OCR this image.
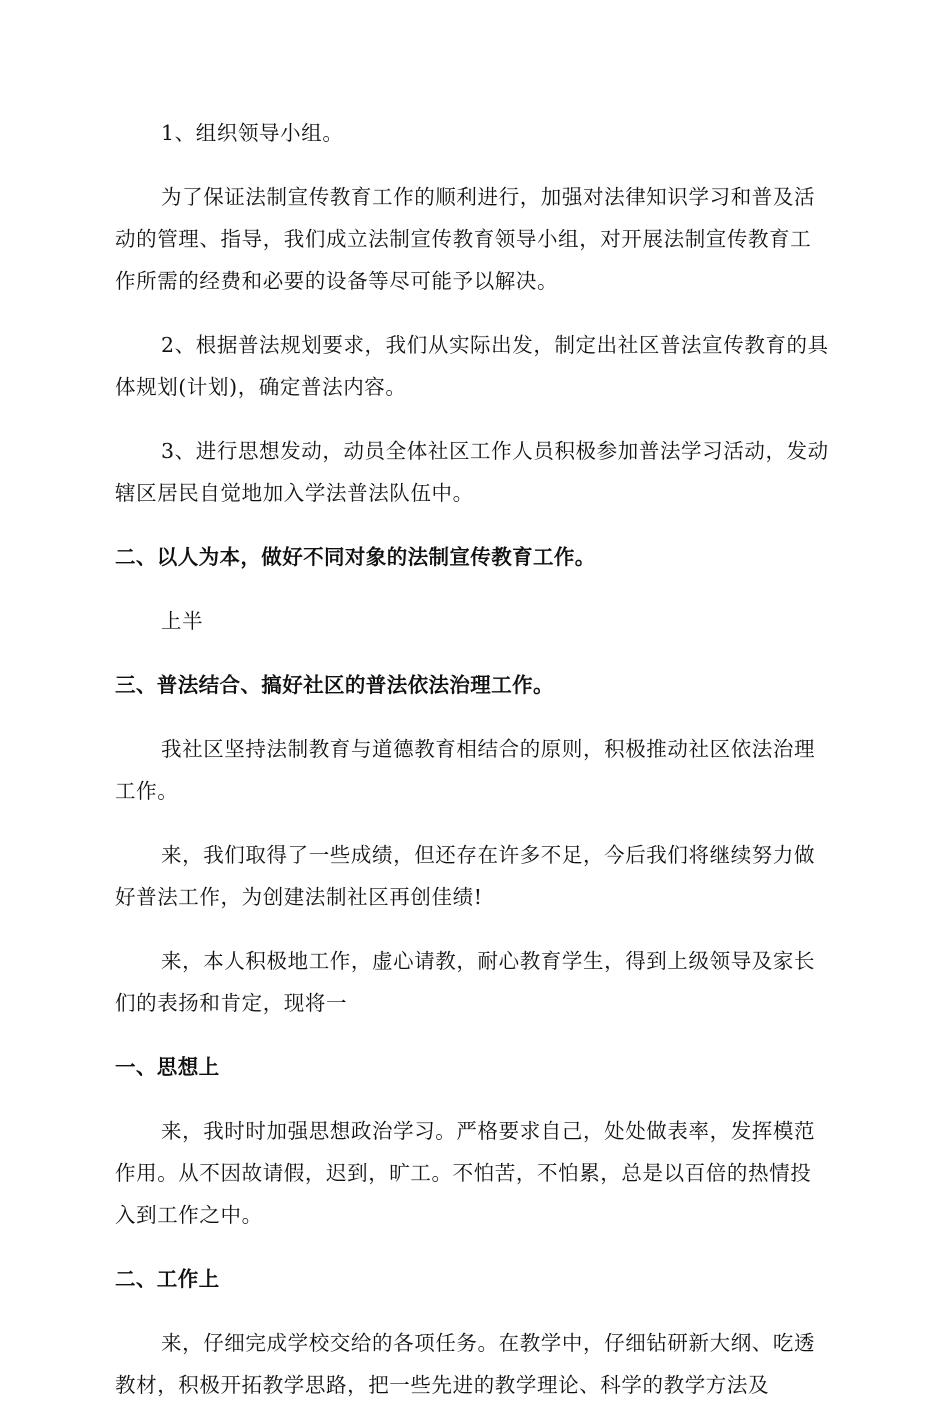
1、组织领导小组。

为了保证法制宣传教育工作的顺利进行，加强对法律知识学习和普及活动的管理、指导，我们成立法制宣传教育领导小组，对开展法制宣传教育工作所需的经费和必要的设备等尽可能予以解决。

2、根据普法规划要求，我们从实际出发，制定出社区普法宣传教育的具体规划(计划)，确定普法内容。

3、进行思想发动，动员全体社区工作人员积极参加普法学习活动，发动辖区居民自觉地加入学法普法队伍中。

二、以人为本，做好不同对象的法制宣传教育工作。

上半

三、普法结合、搞好社区的普法依法治理工作。

我社区坚持法制教育与道德教育相结合的原则，积极推动社区依法治理工作。

来，我们取得了一些成绩，但还存在许多不足，今后我们将继续努力做好普法工作，为创建法制社区再创佳绩!

来，本人积极地工作，虚心请教，耐心教育学生，得到上级领导及家长们的表扬和肯定，现将一

一、思想上

来，我时时加强思想政治学习。严格要求自己，处处做表率，发挥模范作用。从不因故请假，迟到，旷工。不怕苦，不怕累，总是以百倍的热情投入到工作之中。

二、工作上

来，仔细完成学校交给的各项任务。在教学中，仔细钻研新大纲、吃透教材，积极开拓教学思路，把一些先进的教学理论、科学的教学方法及
